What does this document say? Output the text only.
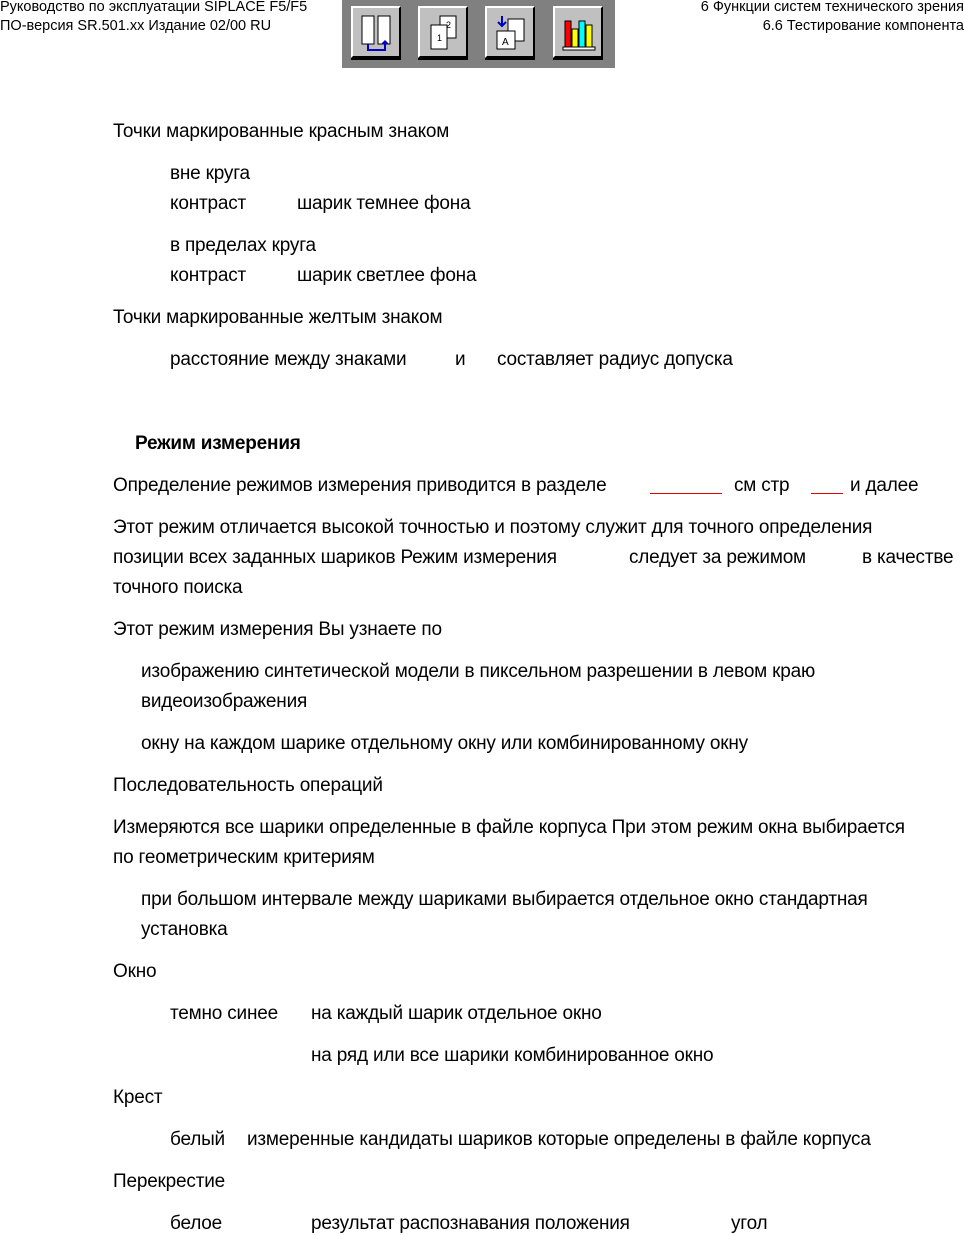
Руководство по эксплуатации SIPLACE F5/F5
ПО-версия SR.501.xx Издание 02/00 RU
6 Функции систем технического зрения
6.6 Тестирование компонента
2
1	A
Точки маркированные красным знаком
вне круга
контраст	шарик темнее фона
в пределах круга
контраст	шарик светлее фона
Точки маркированные желтым знаком
расстояние между знаками	и составляет радиус допуска
Режим измерения
Определение режимов измерения приводится в разделе	см стр	и далее
Этот режим отличается высокой точностью и поэтому служит для точного определения
позиции всех заданных шариков Режим измерения	следует за режимом	в качестве
точного поиска
Этот режим измерения Вы узнаете по
изображению синтетической модели в пиксельном разрешении в левом краю
видеоизображения
окну на каждом шарике отдельному окну или комбинированному окну
Последовательность операций
Измеряются все шарики определенные в файле корпуса При этом режим окна выбирается
по геометрическим критериям
при большом интервале между шариками выбирается отдельное окно стандартная
установка
Окно
темно синее на каждый шарик отдельное окно
на ряд или все шарики комбинированное окно
Крест
белый измеренные кандидаты шариков которые определены в файле корпуса
Перекрестие
белое	результат распознавания положения	угол
